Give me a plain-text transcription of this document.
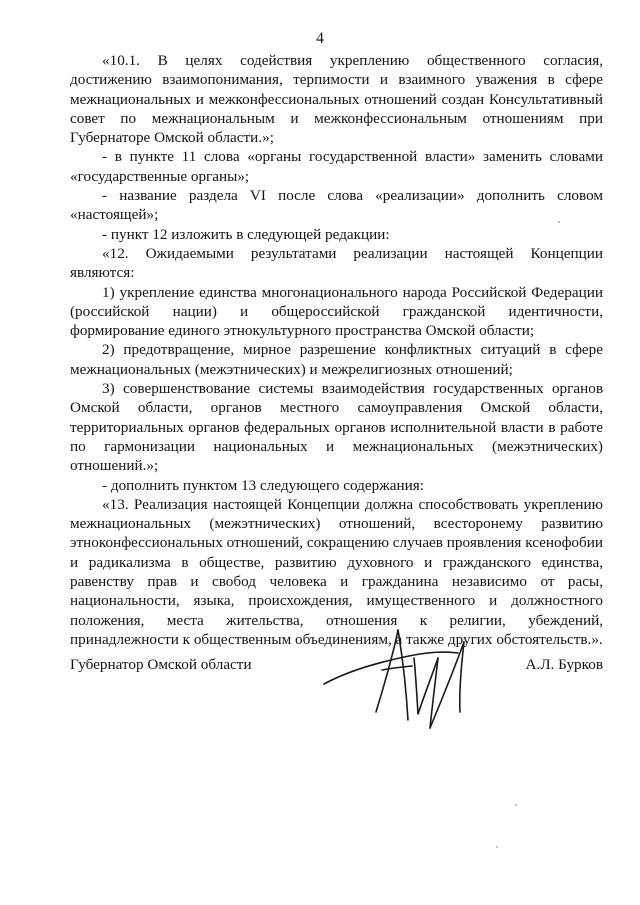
4

«10.1. В целях содействия укреплению общественного согласия, достижению взаимопонимания, терпимости и взаимного уважения в сфере межнациональных и межконфессиональных отношений создан Консультативный совет по межнациональным и межконфессиональным отношениям при Губернаторе Омской области.»;

- в пункте 11 слова «органы государственной власти» заменить словами «государственные органы»;

- название раздела VI после слова «реализации» дополнить словом «настоящей»;

- пункт 12 изложить в следующей редакции:

«12. Ожидаемыми результатами реализации настоящей Концепции являются:

1) укрепление единства многонационального народа Российской Федерации (российской нации) и общероссийской гражданской идентичности, формирование единого этнокультурного пространства Омской области;

2) предотвращение, мирное разрешение конфликтных ситуаций в сфере межнациональных (межэтнических) и межрелигиозных отношений;

3) совершенствование системы взаимодействия государственных органов Омской области, органов местного самоуправления Омской области, территориальных органов федеральных органов исполнительной власти в работе по гармонизации национальных и межнациональных (межэтнических) отношений.»;

- дополнить пунктом 13 следующего содержания:

«13. Реализация настоящей Концепции должна способствовать укреплению межнациональных (межэтнических) отношений, всесторонему развитию этноконфессиональных отношений, сокращению случаев проявления ксенофобии и радикализма в обществе, развитию духовного и гражданского единства, равенству прав и свобод человека и гражданина независимо от расы, национальности, языка, происхождения, имущественного и должностного положения, места жительства, отношения к религии, убеждений, принадлежности к общественным объединениям, а также других обстоятельств.».

Губернатор Омской области	А.Л. Бурков
